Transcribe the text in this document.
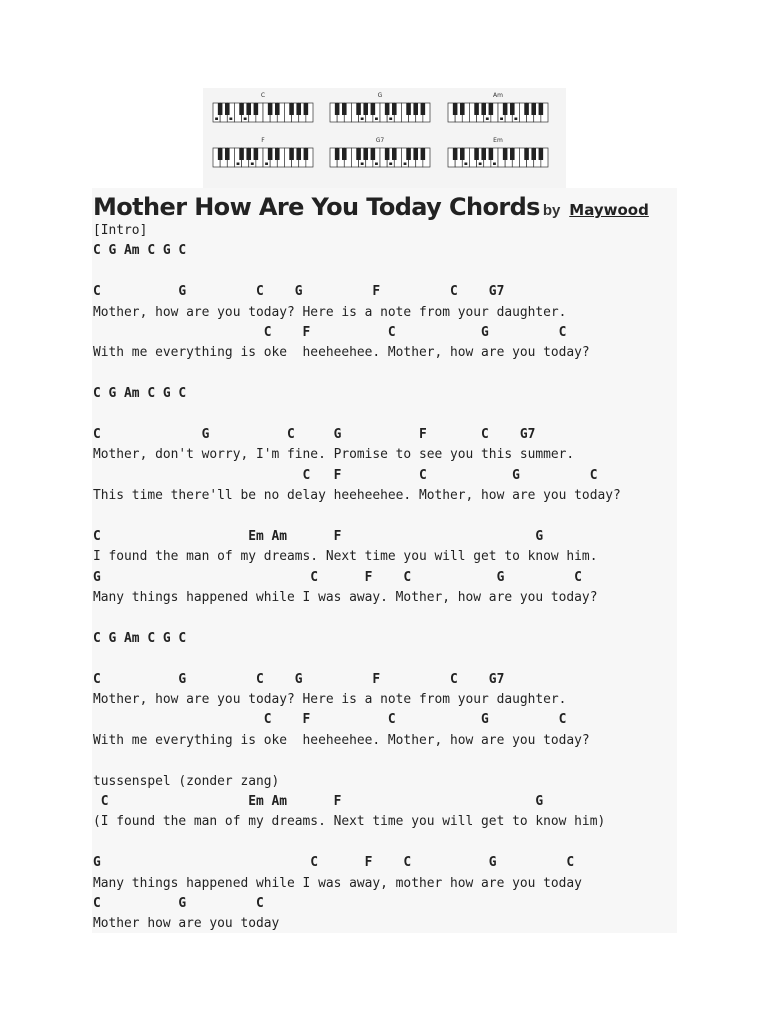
C	G	Am
F	G7	Em
Mother How Are You Today Chords by Maywood
[Intro]
C G Am C G C
C          G         C    G         F         C    G7
Mother, how are you today? Here is a note from your daughter.
C    F          C           G         C
With me everything is oke  heeheehee. Mother, how are you today?
C G Am C G C
C             G          C     G          F       C    G7
Mother, don't worry, I'm fine. Promise to see you this summer.
C   F          C           G         C
This time there'll be no delay heeheehee. Mother, how are you today?
C                   Em Am      F                         G
I found the man of my dreams. Next time you will get to know him.
G                           C      F    C           G         C
Many things happened while I was away. Mother, how are you today?
C G Am C G C
C          G         C    G         F         C    G7
Mother, how are you today? Here is a note from your daughter.
C    F          C           G         C
With me everything is oke  heeheehee. Mother, how are you today?
tussenspel (zonder zang)
C                  Em Am      F                         G
(I found the man of my dreams. Next time you will get to know him)
G                           C      F    C          G         C
Many things happened while I was away, mother how are you today
C          G         C
Mother how are you today
